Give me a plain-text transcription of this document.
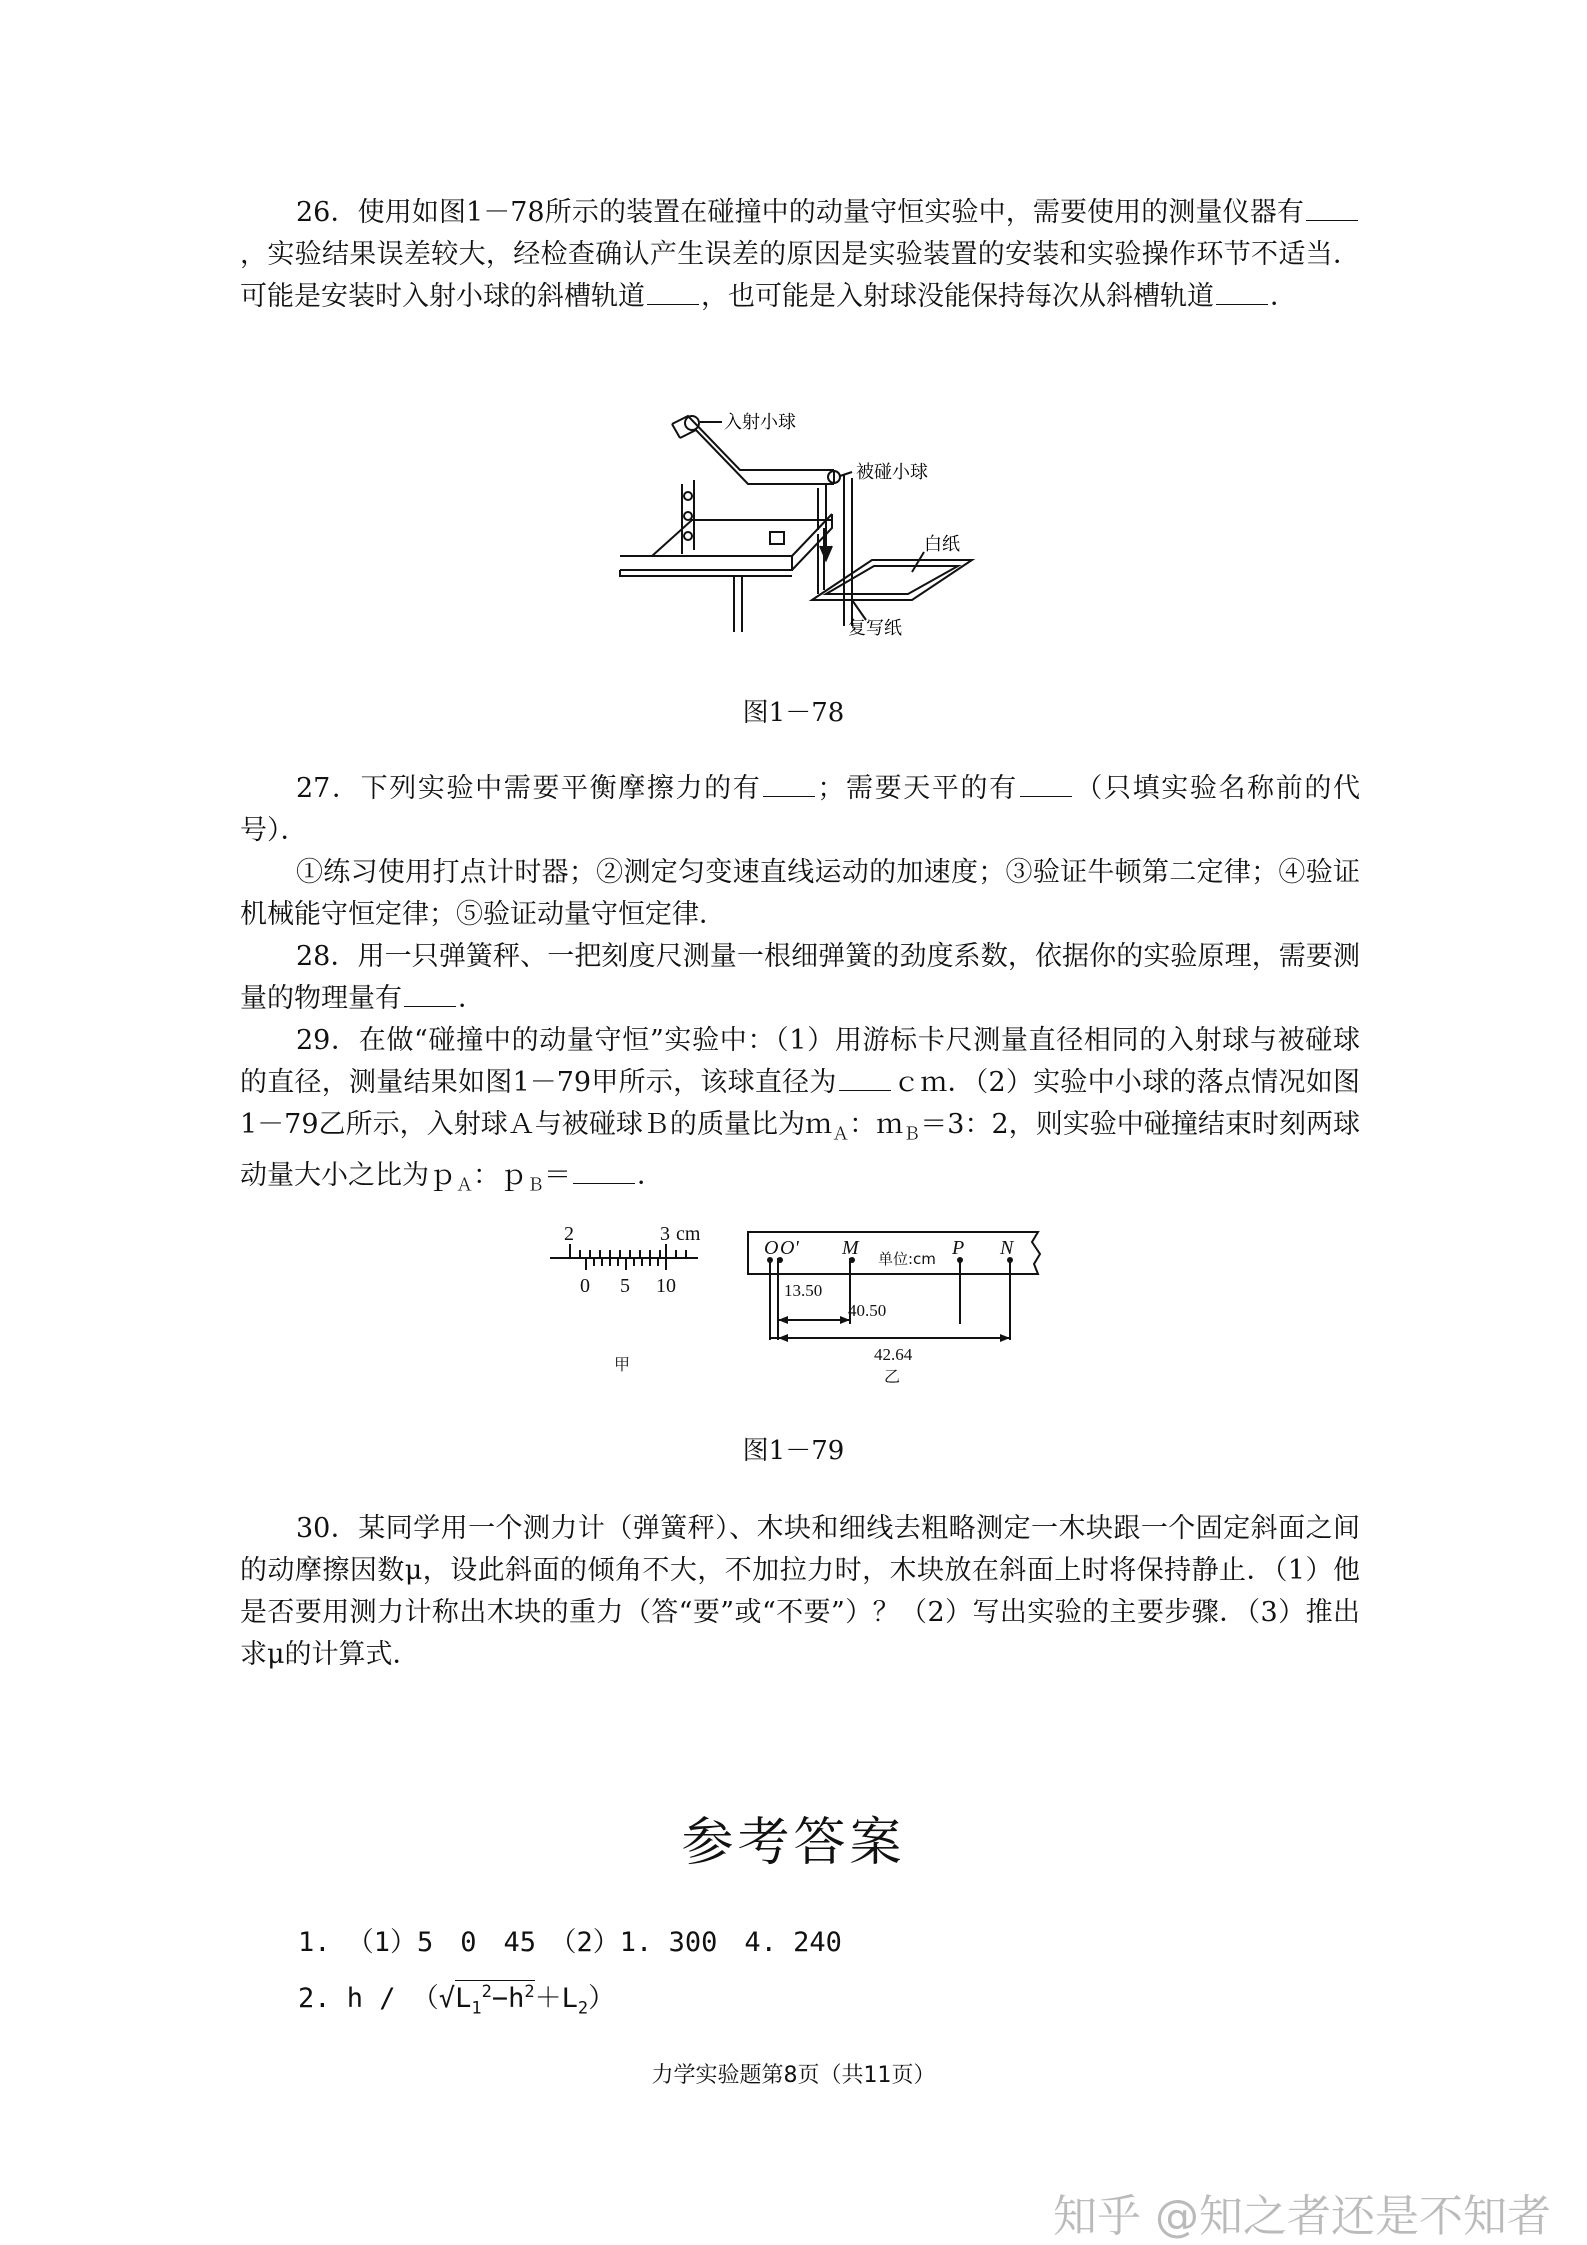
26．使用如图1－78所示的装置在碰撞中的动量守恒实验中，需要使用的测量仪器有，实验结果误差较大，经检查确认产生误差的原因是实验装置的安装和实验操作环节不适当．可能是安装时入射小球的斜槽轨道 ，也可能是入射球没能保持每次从斜槽轨道 ．

入射小球
被碰小球
白纸
复写纸
图1－78

27．下列实验中需要平衡摩擦力的有 ；需要天平的有 （只填实验名称前的代号）．

①练习使用打点计时器；②测定匀变速直线运动的加速度；③验证牛顿第二定律；④验证机械能守恒定律；⑤验证动量守恒定律．

28．用一只弹簧秤、一把刻度尺测量一根细弹簧的劲度系数，依据你的实验原理，需要测量的物理量有 ．

29．在做“碰撞中的动量守恒”实验中：（1）用游标卡尺测量直径相同的入射球与被碰球的直径，测量结果如图1－79甲所示，该球直径为 ｃｍ．（2）实验中小球的落点情况如图1－79乙所示，入射球Ａ与被碰球Ｂ的质量比为ｍ$_A$：ｍ$_B$＝3：2，则实验中碰撞结束时刻两球动量大小之比为ｐ$_A$：ｐ$_B$＝ ．

2	3 cm
0 5 10
甲
O O' M	P N
单位:cm
13.50
40.50
42.64
乙
图1－79

30．某同学用一个测力计（弹簧秤）、木块和细线去粗略测定一木块跟一个固定斜面之间的动摩擦因数μ，设此斜面的倾角不大，不加拉力时，木块放在斜面上时将保持静止．（1）他是否要用测力计称出木块的重力（答“要”或“不要”）？（2）写出实验的主要步骤．（3）推出求μ的计算式．

参考答案
1. （1）5　0　45　（2）1. 300　4. 240
2. $h / (√L_1^2-h^2+L_2)$
力学实验题第8页（共11页）
知乎 @知之者还是不知者
